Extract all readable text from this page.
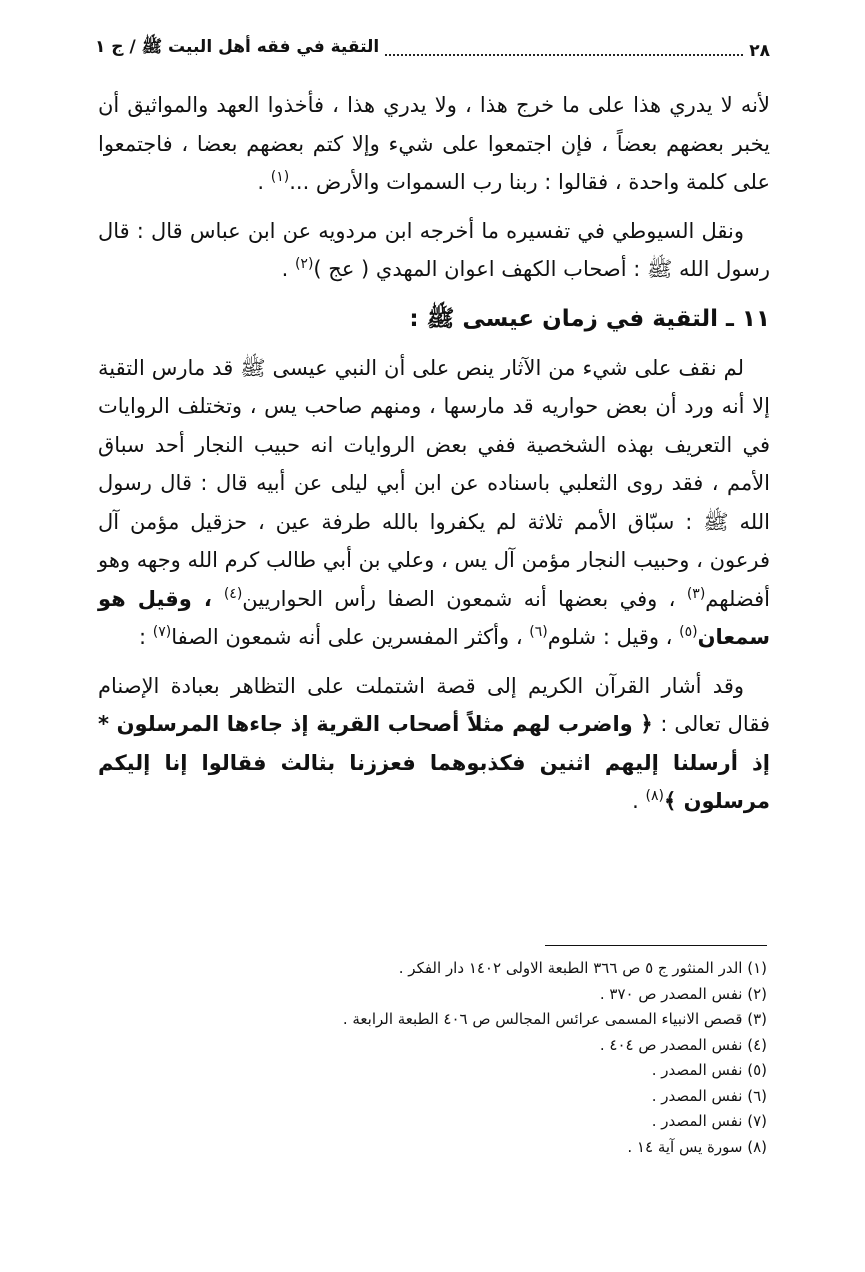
٢٨
التقية في فقه أهل البيت ﷺ / ج ١

لأنه لا يدري هذا على ما خرج هذا ، ولا يدري هذا ، فأخذوا العهد والمواثيق أن يخبر بعضهم بعضاً ، فإن اجتمعوا على شيء وإلا كتم بعضهم بعضا ، فاجتمعوا على كلمة واحدة ، فقالوا : ربنا رب السموات والأرض ...$^{(١)}$ .

ونقل السيوطي في تفسيره ما أخرجه ابن مردويه عن ابن عباس قال : قال رسول الله ﷺ : أصحاب الكهف اعوان المهدي ( عج )$^{(٢)}$ .

١١ ـ التقية في زمان عيسى ﷺ :

لم نقف على شيء من الآثار ينص على أن النبي عيسى ﷺ قد مارس التقية إلا أنه ورد أن بعض حواريه قد مارسها ، ومنهم صاحب يس ، وتختلف الروايات في التعريف بهذه الشخصية ففي بعض الروايات انه حبيب النجار أحد سباق الأمم ، فقد روى الثعلبي باسناده عن ابن أبي ليلى عن أبيه قال : قال رسول الله ﷺ : سبّاق الأمم ثلاثة لم يكفروا بالله طرفة عين ، حزقيل مؤمن آل فرعون ، وحبيب النجار مؤمن آل يس ، وعلي بن أبي طالب كرم الله وجهه وهو أفضلهم$^{(٣)}$ ، وفي بعضها أنه شمعون الصفا رأس الحواريين$^{(٤)}$ ، وقيل هو سمعان$^{(٥)}$ ، وقيل : شلوم$^{(٦)}$ ، وأكثر المفسرين على أنه شمعون الصفا$^{(٧)}$ :

وقد أشار القرآن الكريم إلى قصة اشتملت على التظاهر بعبادة الإصنام فقال تعالى : ﴿ واضرب لهم مثلاً أصحاب القرية إذ جاءها المرسلون * إذ أرسلنا إليهم اثنين فكذبوهما فعززنا بثالث فقالوا إنا إليكم مرسلون ﴾$^{(٨)}$ .

(١) الدر المنثور ج ٥ ص ٣٦٦ الطبعة الاولى ١٤٠٢ دار الفكر .
(٢) نفس المصدر ص ٣٧٠ .
(٣) قصص الانبياء المسمى عرائس المجالس ص ٤٠٦ الطبعة الرابعة .
(٤) نفس المصدر ص ٤٠٤ .
(٥) نفس المصدر .
(٦) نفس المصدر .
(٧) نفس المصدر .
(٨) سورة يس آية ١٤ .
